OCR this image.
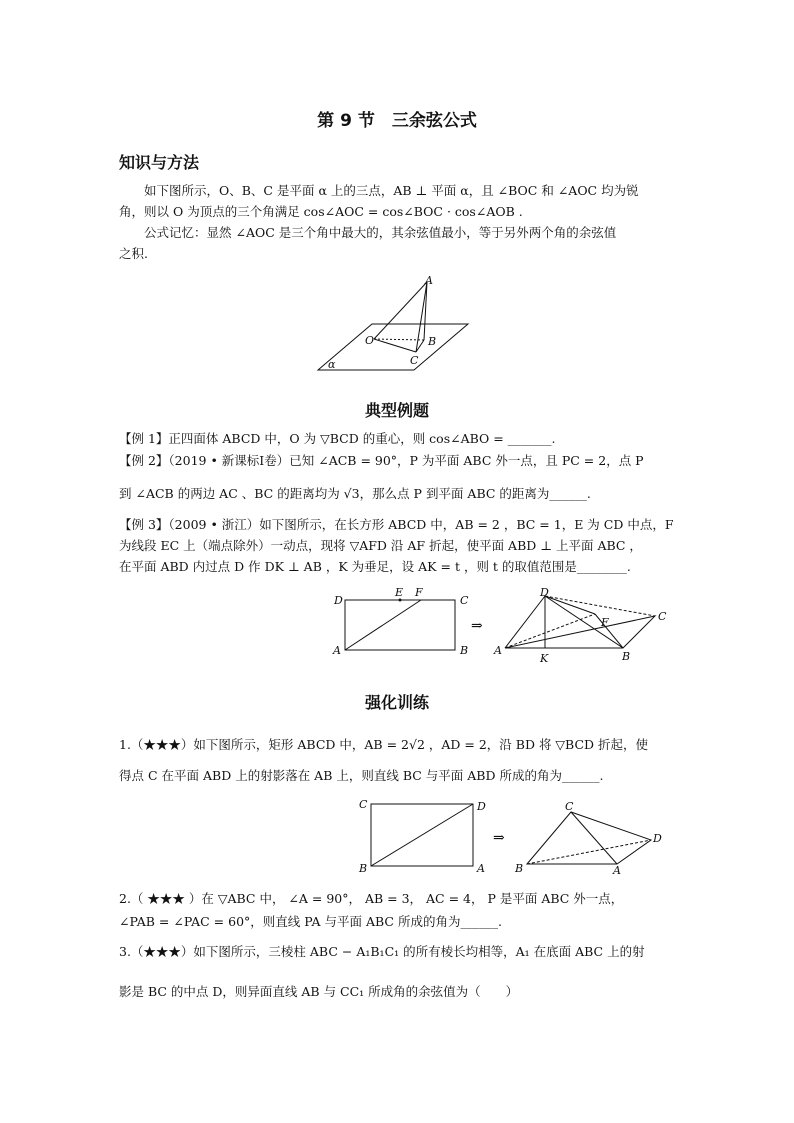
第 9 节　三余弦公式
知识与方法
如下图所示，O、B、C 是平面 α 上的三点，AB ⊥ 平面 α，且 ∠BOC 和 ∠AOC 均为锐
角，则以 O 为顶点的三个角满足 cos∠AOC = cos∠BOC · cos∠AOB .
公式记忆：显然 ∠AOC 是三个角中最大的，其余弦值最小，等于另外两个角的余弦值
之积.
A
O	B
C
α
典型例题
【例 1】正四面体 ABCD 中，O 为 ▽BCD 的重心，则 cos∠ABO = _______.
【例 2】（2019 • 新课标Ⅰ卷）已知 ∠ACB = 90°，P 为平面 ABC 外一点，且 PC = 2，点 P
到 ∠ACB 的两边 AC 、BC 的距离均为 √3，那么点 P 到平面 ABC 的距离为______.
【例 3】（2009 • 浙江）如下图所示，在长方形 ABCD 中，AB = 2 ，BC = 1，E 为 CD 中点，F
为线段 EC 上（端点除外）一动点，现将 ▽AFD 沿 AF 折起，使平面 ABD ⊥ 上平面 ABC ，
在平面 ABD 内过点 D 作 DK ⊥ AB ，K 为垂足，设 AK = t ，则 t 的取值范围是________.
D
E F
C
A	B
⇒
D
F	C
A
K	B
强化训练
1.（★★★）如下图所示，矩形 ABCD 中，AB = 2√2 ，AD = 2，沿 BD 将 ▽BCD 折起，使
得点 C 在平面 ABD 上的射影落在 AB 上，则直线 BC 与平面 ABD 所成的角为______.
C	D
B	A
⇒
C
D
B	A
2.（ ★★★ ）在 ▽ABC 中， ∠A = 90°， AB = 3， AC = 4， P 是平面 ABC 外一点，
∠PAB = ∠PAC = 60°，则直线 PA 与平面 ABC 所成的角为______.
3.（★★★）如下图所示，三棱柱 ABC − A₁B₁C₁ 的所有棱长均相等，A₁ 在底面 ABC 上的射
影是 BC 的中点 D，则异面直线 AB 与 CC₁ 所成角的余弦值为（　　）
